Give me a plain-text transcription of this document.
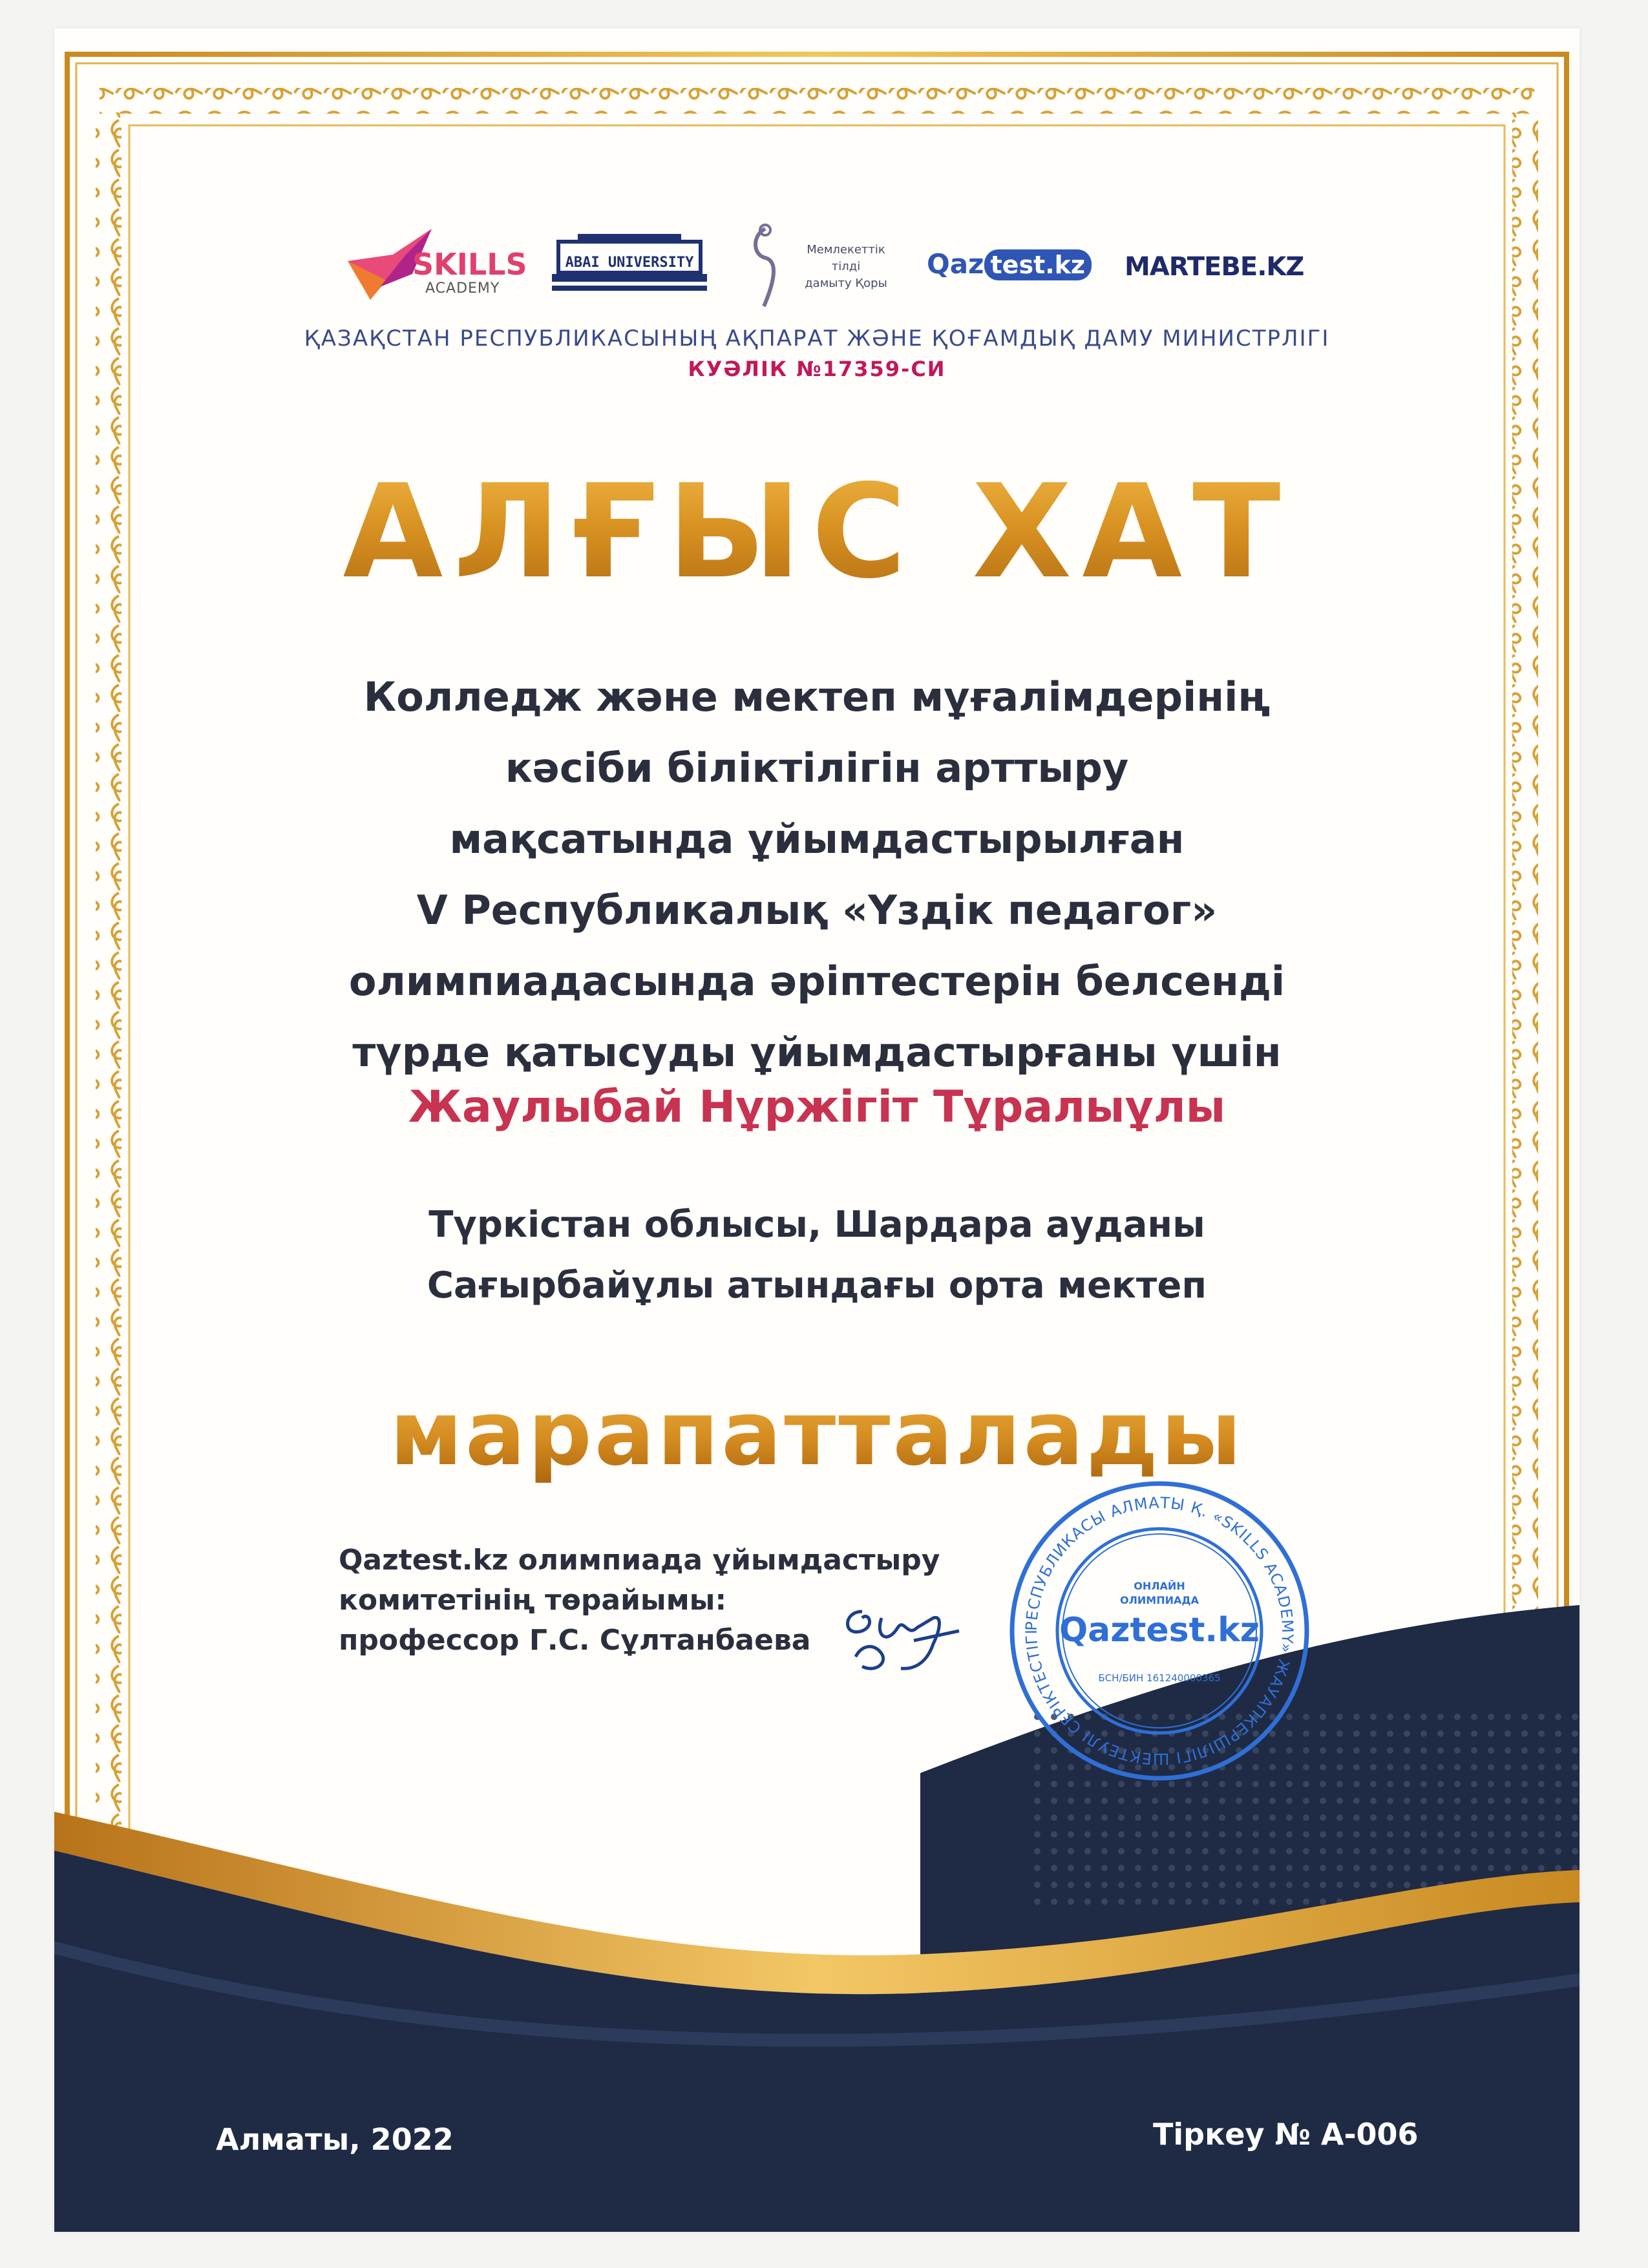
SKILLS
ACADEMY
ABAI UNIVERSITY
Мемлекеттік
тілді
дамыту Қоры
Qaz test.kz MARTEBE.KZ
ҚАЗАҚСТАН РЕСПУБЛИКАСЫНЫҢ АҚПАРАТ ЖӘНЕ ҚОҒАМДЫҚ ДАМУ МИНИСТРЛІГІ
КУӘЛІК №17359-СИ
АЛҒЫС ХАТ
Колледж және мектеп мұғалімдерінің
кәсіби біліктілігін арттыру
мақсатында ұйымдастырылған
V Республикалық «Үздік педагог»
олимпиадасында әріптестерін белсенді
түрде қатысуды ұйымдастырғаны үшін
Жаулыбай Нұржігіт Тұралыұлы
Түркістан облысы, Шардара ауданы
Сағырбайұлы атындағы орта мектеп
марапатталады
Qaztest.kz олимпиада ұйымдастыру
комитетінің төрайымы:
профессор Г.С. Сұлтанбаева	РЕСПУБЛИКАСЫ АЛМАТЫ Қ. «SKILLS ACADEMY» ЖАУАПКЕРШІЛІГІ ШЕКТЕУЛІ СЕРІКТЕСТІГІ
ОНЛАЙН
ОЛИМПИАДА
Qaztest.kz
БСН/БИН 161240000365
Алматы, 2022	Тіркеу № А-006
